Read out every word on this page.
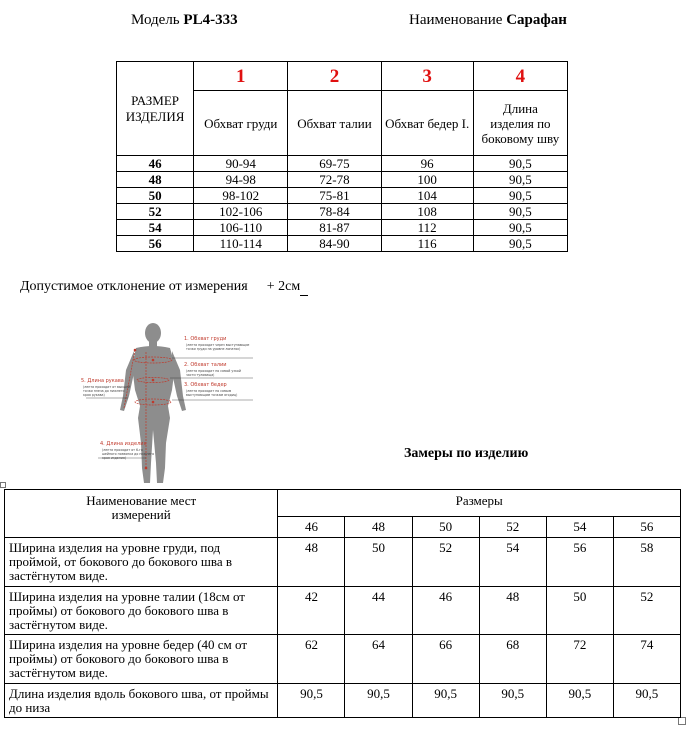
Модель PL4-333	Наименование Сарафан
РАЗМЕР ИЗДЕЛИЯ	1	2	3	4
	Обхват груди	Обхват талии	Обхват бедер I.	Длина изделия по боковому шву
46	90-94	69-75	96	90,5
48	94-98	72-78	100	90,5
50	98-102	75-81	104	90,5
52	102-106	78-84	108	90,5
54	106-110	81-87	112	90,5
56	110-114	84-90	116	90,5
Допустимое отклонение от измерения + 2см
1. Обхват груди
(лента проходит через выступающие точки груди на уровне лопаток)
2. Обхват талии
(лента проходит по самой узкой части туловища)
3. Обхват бедер
(лента проходит по самым выступающим точкам ягодиц)
5. Длина рукава
(лента проходит от высшей точки плеча до нижнего края рукава)
4. Длина изделия
(лента проходит от 6-го шейного позвонка до нижнего края изделия)	Замеры по изделию
Наименование мест измерений	Размеры					
	46	48	50	52	54	56
Ширина изделия на уровне груди, под проймой, от бокового до бокового шва в застёгнутом виде.	48	50	52	54	56	58
Ширина изделия на уровне талии (18см от проймы) от бокового до бокового шва в застёгнутом виде.	42	44	46	48	50	52
Ширина изделия на уровне бедер (40 см от проймы) от бокового до бокового шва в застёгнутом виде.	62	64	66	68	72	74
Длина изделия вдоль бокового шва, от проймы до низа	90,5	90,5	90,5	90,5	90,5	90,5
